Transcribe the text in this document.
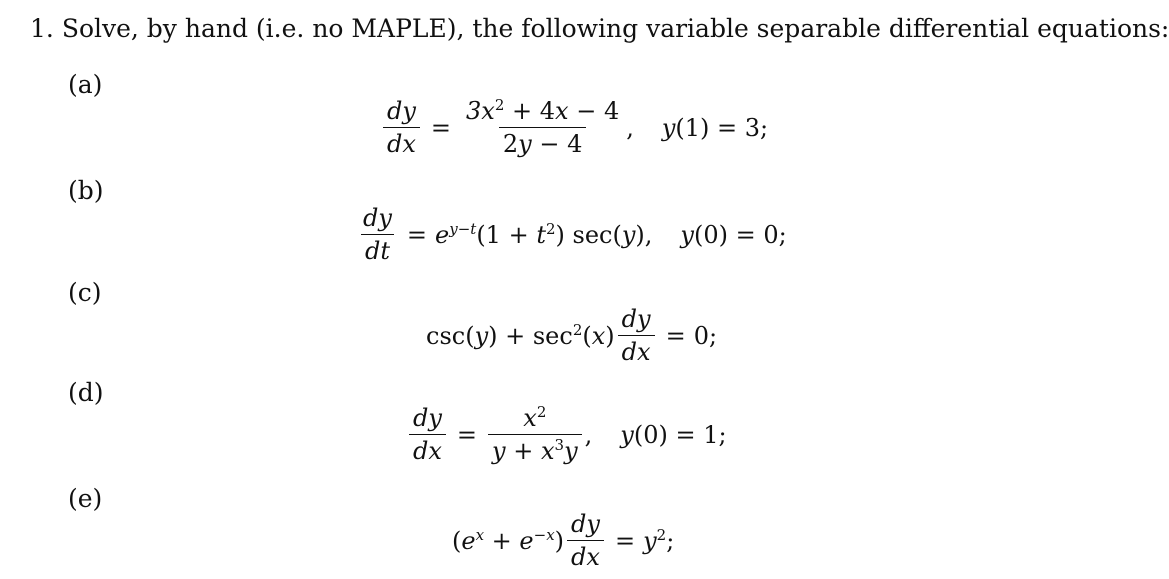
1. Solve, by hand (i.e. no MAPLE), the following variable separable differential equations:
(a)
$\frac{dy}{dx} = \frac{3x^2 + 4x - 4}{2y - 4}$ , y(1) = 3;
(b)
$\frac{dy}{dt} = e^{y-t}(1 + t^2)$ sec(y), y(0) = 0;
(c)
$\csc(y) + \sec^2(x) \frac{dy}{dx} = 0$;
(d)
$\frac{dy}{dx} = \frac{x^2}{y + x^3y}$ , y(0) = 1;
(e)
$(e^x + e^{-x}) \frac{dy}{dx} = y^2$;
